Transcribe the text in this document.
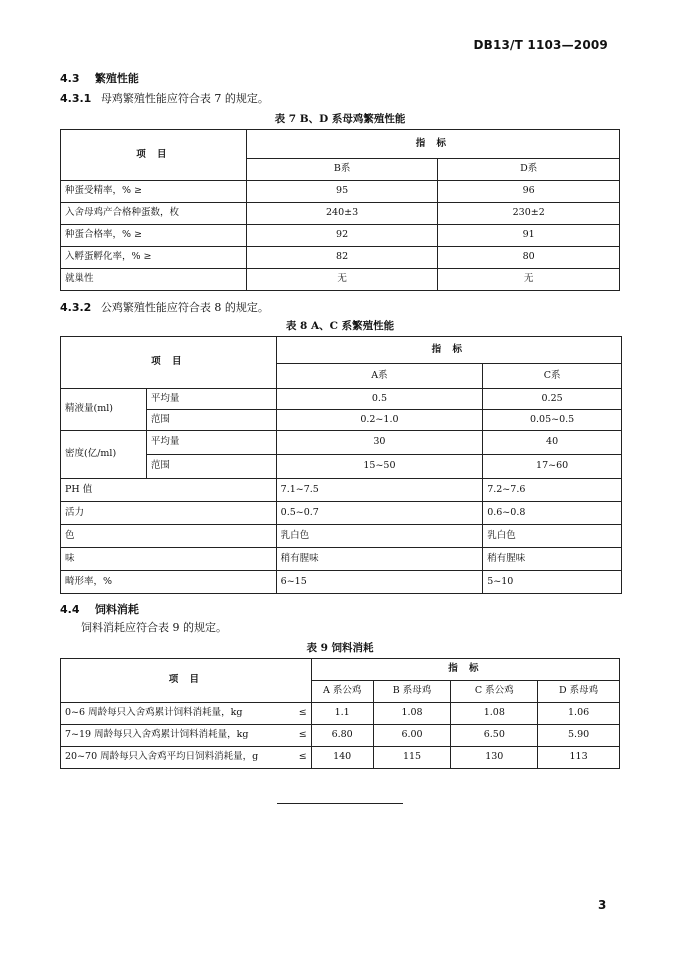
DB13/T 1103—2009
4.3 繁殖性能
4.3.1 母鸡繁殖性能应符合表 7 的规定。
表 7 B、D 系母鸡繁殖性能
项 目	指 标	
	B系	D系
种蛋受精率，% ≥	95	96
入舍母鸡产合格种蛋数，枚	240±3	230±2
种蛋合格率，% ≥	92	91
入孵蛋孵化率，% ≥	82	80
就巢性	无	无
4.3.2 公鸡繁殖性能应符合表 8 的规定。
表 8 A、C 系繁殖性能
项 目		指 标	
		A系	C系
精液量(ml)	平均量	0.5	0.25
	范围	0.2~1.0	0.05~0.5
密度(亿/ml)	平均量	30	40
	范围	15~50	17~60
PH 值		7.1~7.5	7.2~7.6
活力		0.5~0.7	0.6~0.8
色		乳白色	乳白色
味		稍有腥味	稍有腥味
畸形率，%		6~15	5~10
4.4 饲料消耗
饲料消耗应符合表 9 的规定。
表 9 饲料消耗
项 目	指 标			
	A 系公鸡	B 系母鸡	C 系公鸡	D 系母鸡
0~6 周龄每只入舍鸡累计饲料消耗量，kg ≤	1.1	1.08	1.08	1.06
7~19 周龄每只入舍鸡累计饲料消耗量，kg ≤	6.80	6.00	6.50	5.90
20~70 周龄每只入舍鸡平均日饲料消耗量，g ≤	140	115	130	113
3
